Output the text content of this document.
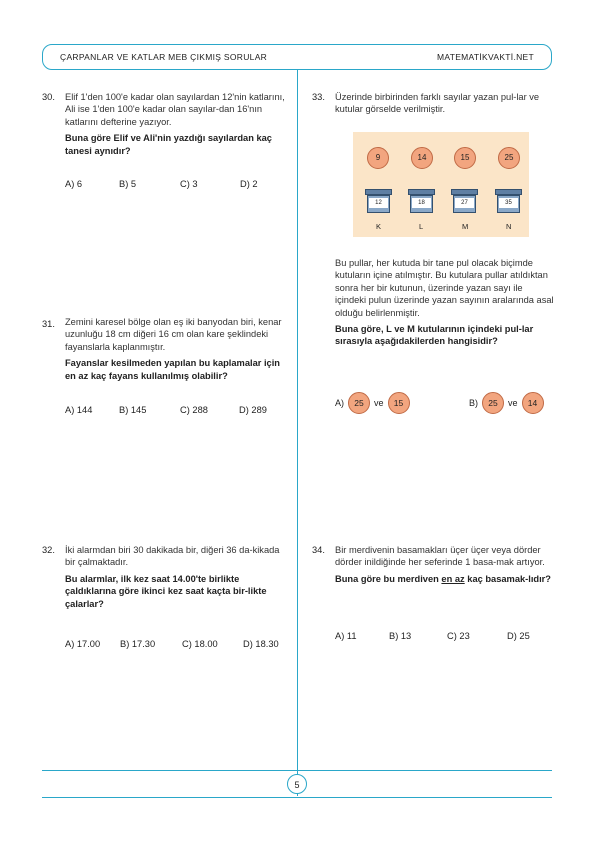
ÇARPANLAR VE KATLAR MEB ÇIKMIŞ SORULAR	MATEMATİKVAKTİ.NET
30. Elif 1'den 100'e kadar olan sayılardan 12'nin katlarını, Ali ise 1'den 100'e kadar olan sayılar-dan 16'nın katlarını defterine yazıyor.
Buna göre Elif ve Ali'nin yazdığı sayılardan kaç tanesi aynıdır?
A) 6	B) 5	C) 3	D) 2
31. Zemini karesel bölge olan eş iki banyodan biri, kenar uzunluğu 18 cm diğeri 16 cm olan kare şeklindeki fayanslarla kaplanmıştır.
Fayanslar kesilmeden yapılan bu kaplamalar için en az kaç fayans kullanılmış olabilir?
A) 144	B) 145	C) 288	D) 289
32. İki alarmdan biri 30 dakikada bir, diğeri 36 da-kikada bir çalmaktadır.
Bu alarmlar, ilk kez saat 14.00'te birlikte çaldıklarına göre ikinci kez saat kaçta bir-likte çalarlar?
A) 17.00	B) 17.30	C) 18.00	D) 18.30
33. Üzerinde birbirinden farklı sayılar yazan pul-lar ve kutular görselde verilmiştir.
9	14	15	25
12
K
18
L
27
M
35
N
Bu pullar, her kutuda bir tane pul olacak biçimde kutuların içine atılmıştır. Bu kutulara pullar atıldıktan sonra her bir kutunun, üzerinde yazan sayı ile içindeki pulun üzerinde yazan sayının aralarında asal olduğu belirlenmiştir.
Buna göre, L ve M kutularının içindeki pul-lar sırasıyla aşağıdakilerden hangisidir?
A)	25	ve	15	B)	25	ve	14
34. Bir merdivenin basamakları üçer üçer veya dörder dörder inildiğinde her seferinde 1 basa-mak artıyor.
Buna göre bu merdiven en az kaç basamak-lıdır?
A) 11	B) 13	C) 23	D) 25
5
